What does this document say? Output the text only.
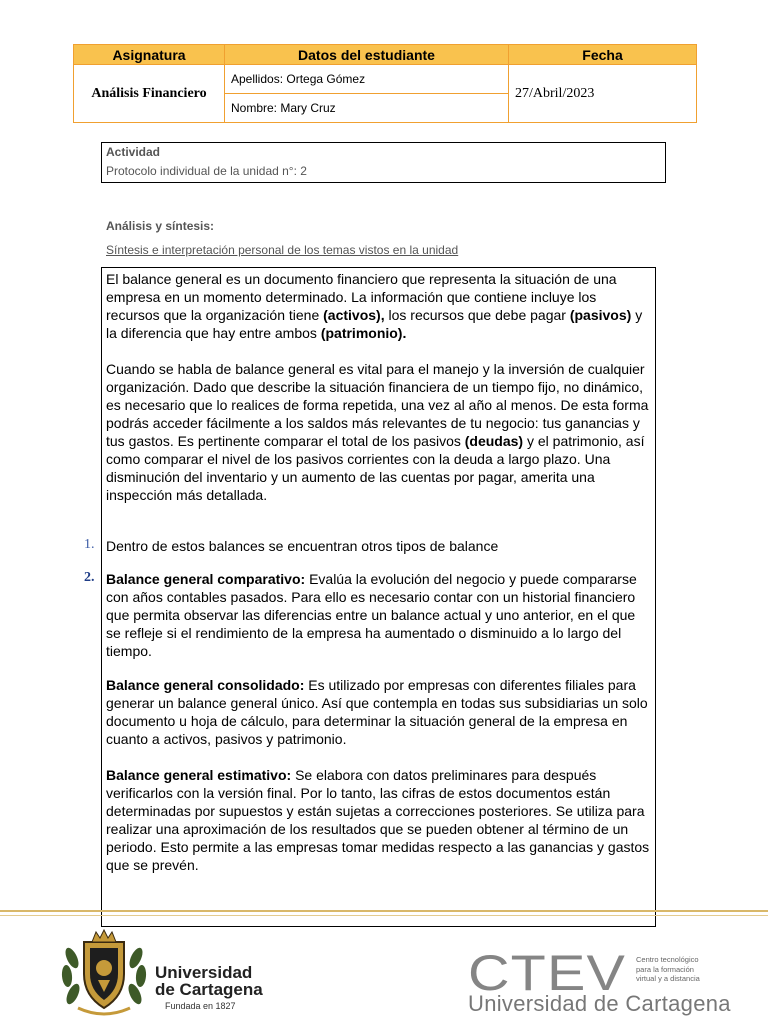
Asignatura	Datos del estudiante	Fecha
Análisis Financiero	Apellidos: Ortega Gómez	27/Abril/2023
	Nombre: Mary Cruz	
Actividad
Protocolo individual de la unidad n°: 2
Análisis y síntesis:
Síntesis e interpretación personal de los temas vistos en la unidad

El balance general es un documento financiero que representa la situación de una empresa en un momento determinado. La información que contiene incluye los recursos que la organización tiene (activos), los recursos que debe pagar (pasivos) y la diferencia que hay entre ambos (patrimonio).

Cuando se habla de balance general es vital para el manejo y la inversión de cualquier organización. Dado que describe la situación financiera de un tiempo fijo, no dinámico, es necesario que lo realices de forma repetida, una vez al año al menos. De esta forma podrás acceder fácilmente a los saldos más relevantes de tu negocio: tus ganancias y tus gastos. Es pertinente comparar el total de los pasivos (deudas) y el patrimonio, así como comparar el nivel de los pasivos corrientes con la deuda a largo plazo. Una disminución del inventario y un aumento de las cuentas por pagar, amerita una inspección más detallada.

1. Dentro de estos balances se encuentran otros tipos de balance

2. Balance general comparativo: Evalúa la evolución del negocio y puede compararse con años contables pasados. Para ello es necesario contar con un historial financiero que permita observar las diferencias entre un balance actual y uno anterior, en el que se refleje si el rendimiento de la empresa ha aumentado o disminuido a lo largo del tiempo.

Balance general consolidado: Es utilizado por empresas con diferentes filiales para generar un balance general único. Así que contempla en todas sus subsidiarias un solo documento u hoja de cálculo, para determinar la situación general de la empresa en cuanto a activos, pasivos y patrimonio.

Balance general estimativo: Se elabora con datos preliminares para después verificarlos con la versión final. Por lo tanto, las cifras de estos documentos están determinadas por supuestos y están sujetas a correcciones posteriores. Se utiliza para realizar una aproximación de los resultados que se pueden obtener al término de un periodo. Esto permite a las empresas tomar medidas respecto a las ganancias y gastos que se prevén.

Universidad
de Cartagena
Fundada en 1827
CTEV Centro tecnológico
para la formación
virtual y a distancia
Universidad de Cartagena
